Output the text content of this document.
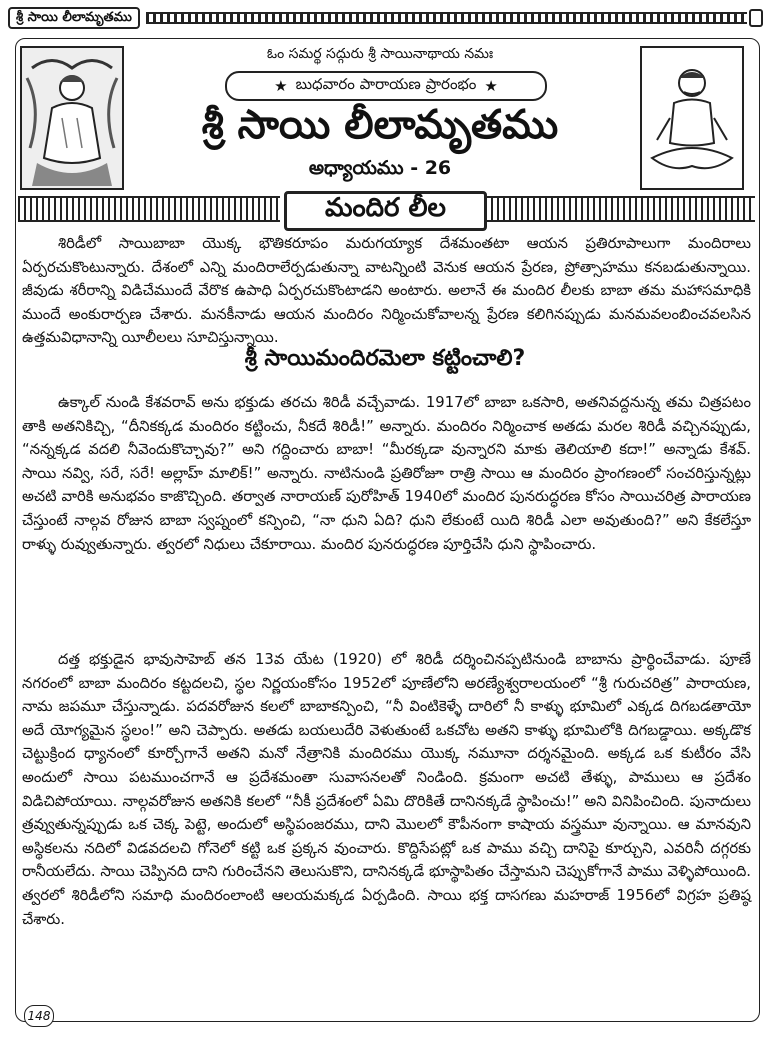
శ్రీ సాయి లీలామృతము
ఓం సమర్థ సద్గురు శ్రీ సాయినాథాయ నమః
★ బుధవారం పారాయణ ప్రారంభం ★
శ్రీ సాయి లీలామృతము
అధ్యాయము - 26
మందిర లీల

శిరిడీలో సాయిబాబా యొక్క భౌతికరూపం మరుగయ్యాక దేశమంతటా ఆయన ప్రతిరూపాలుగా మందిరాలు ఏర్పరచుకొంటున్నారు. దేశంలో ఎన్ని మందిరాలేర్పడుతున్నా వాటన్నింటి వెనుక ఆయన ప్రేరణ, ప్రోత్సాహము కనబడుతున్నాయి. జీవుడు శరీరాన్ని విడిచేముందే వేరొక ఉపాధి ఏర్పరచుకొంటాడని అంటారు. అలానే ఈ మందిర లీలకు బాబా తమ మహాసమాధికి ముందే అంకురార్పణ చేశారు. మనకీనాడు ఆయన మందిరం నిర్మించుకోవాలన్న ప్రేరణ కలిగినప్పుడు మనమవలంబించవలసిన ఉత్తమవిధానాన్ని యీలీలలు సూచిస్తున్నాయి.

శ్రీ సాయిమందిరమెలా కట్టించాలి?

ఉక్కాల్ నుండి కేశవరావ్ అను భక్తుడు తరచు శిరిడీ వచ్చేవాడు. 1917లో బాబా ఒకసారి, అతనివద్దనున్న తమ చిత్రపటం తాకి అతనికిచ్చి, “దీనికక్కడ మందిరం కట్టించు, నీకదే శిరిడీ!” అన్నారు. మందిరం నిర్మించాక అతడు మరల శిరిడీ వచ్చినప్పుడు, “నన్నక్కడ వదలి నీవెందుకొచ్చావు?” అని గద్దించారు బాబా! “మీరక్కడా వున్నారని మాకు తెలియాలి కదా!” అన్నాడు కేశవ్. సాయి నవ్వి, సరే, సరే! అల్లాహ్ మాలిక్!” అన్నారు. నాటినుండి ప్రతిరోజూ రాత్రి సాయి ఆ మందిరం ప్రాంగణంలో సంచరిస్తున్నట్లు అచటి వారికి అనుభవం కాజొచ్చింది. తర్వాత నారాయణ్ పురోహిత్ 1940లో మందిర పునరుద్ధరణ కోసం సాయిచరిత్ర పారాయణ చేస్తుంటే నాల్గవ రోజున బాబా స్వప్నంలో కన్పించి, “నా ధుని ఏది? ధుని లేకుంటే యిది శిరిడీ ఎలా అవుతుంది?” అని కేకలేస్తూ రాళ్ళు రువ్వుతున్నారు. త్వరలో నిధులు చేకూరాయి. మందిర పునరుద్ధరణ పూర్తిచేసి ధుని స్థాపించారు.

దత్త భక్తుడైన భావుసాహెబ్ తన 13వ యేట (1920) లో శిరిడీ దర్శించినప్పటినుండి బాబాను ప్రార్థించేవాడు. పూణే నగరంలో బాబా మందిరం కట్టదలచి, స్థల నిర్ణయంకోసం 1952లో పూణేలోని అరణ్యేశ్వరాలయంలో “శ్రీ గురుచరిత్ర” పారాయణ, నామ జపమూ చేస్తున్నాడు. పదవరోజున కలలో బాబాకన్పించి, “నీ వింటికెళ్ళే దారిలో నీ కాళ్ళు భూమిలో ఎక్కడ దిగబడతాయో అదే యోగ్యమైన స్థలం!” అని చెప్పారు. అతడు బయలుదేరి వెళుతుంటే ఒకచోట అతని కాళ్ళు భూమిలోకి దిగబడ్డాయి. అక్కడొక చెట్టుక్రింద ధ్యానంలో కూర్చోగానే అతని మనో నేత్రానికి మందిరము యొక్క నమూనా దర్శనమైంది. అక్కడ ఒక కుటీరం వేసి అందులో సాయి పటముంచగానే ఆ ప్రదేశమంతా సువాసనలతో నిండింది. క్రమంగా అచటి తేళ్ళు, పాములు ఆ ప్రదేశం విడిచిపోయాయి. నాల్గవరోజున అతనికి కలలో “నీకీ ప్రదేశంలో ఏమి దొరికితే దానినక్కడే స్థాపించు!” అని వినిపించింది. పునాదులు త్రవ్వుతున్నప్పుడు ఒక చెక్క పెట్టె, అందులో అస్థిపంజరము, దాని మొలలో కౌపీనంగా కాషాయ వస్త్రమూ వున్నాయి. ఆ మానవుని అస్థికలను నదిలో విడవదలచి గోనెలో కట్టి ఒక ప్రక్కన వుంచారు. కొద్దిసేపట్లో ఒక పాము వచ్చి దానిపై కూర్చుని, ఎవరినీ దగ్గరకు రానీయలేదు. సాయి చెప్పినది దాని గురించేనని తెలుసుకొని, దానినక్కడే భూస్థాపితం చేస్తామని చెప్పుకోగానే పాము వెళ్ళిపోయింది. త్వరలో శిరిడీలోని సమాధి మందిరంలాంటి ఆలయమక్కడ ఏర్పడింది. సాయి భక్త దాసగణు మహరాజ్ 1956లో విగ్రహ ప్రతిష్ఠ చేశారు.

148
